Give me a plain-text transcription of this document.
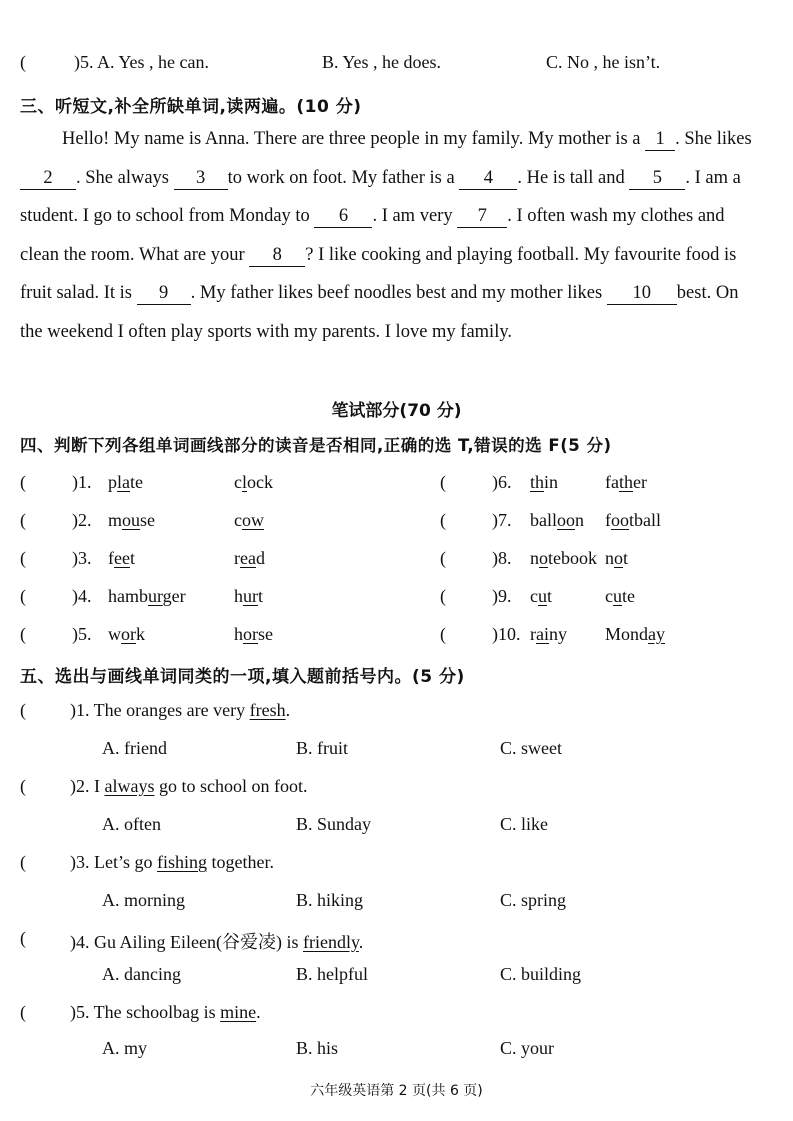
(	)5. A. Yes , he can.	B. Yes , he does.	C. No , he isn’t.
三、听短文,补全所缺单词,读两遍。(10 分)
Hello! My name is Anna. There are three people in my family. My mother is a 1 . She likes 2 . She always 3 to work on foot. My father is a 4 . He is tall and 5 . I am a student. I go to school from Monday to 6 . I am very 7 . I often wash my clothes and clean the room. What are your 8 ? I like cooking and playing football. My favourite food is fruit salad. It is 9 . My father likes beef noodles best and my mother likes 10 best. On the weekend I often play sports with my parents. I love my family.
笔试部分(70 分)
四、判断下列各组单词画线部分的读音是否相同,正确的选 T,错误的选 F(5 分)
(	)1. plate	clock	(	)6. thin	father
(	)2. mouse	cow	(	)7. balloon football
(	)3. feet	read	(	)8. notebook not
(	)4. hamburger	hurt	(	)9. cut	cute
(	)5. work	horse	(	)10. rainy Monday
五、选出与画线单词同类的一项,填入题前括号内。(5 分)
( )1. The oranges are very fresh.
A. friend	B. fruit	C. sweet
( )2. I always go to school on foot.
A. often	B. Sunday	C. like
( )3. Let’s go fishing together.
A. morning	B. hiking	C. spring
( )4. Gu Ailing Eileen(谷爱凌) is friendly.
A. dancing	B. helpful	C. building
( )5. The schoolbag is mine.
A. my	B. his	C. your
六年级英语第 2 页(共 6 页)
